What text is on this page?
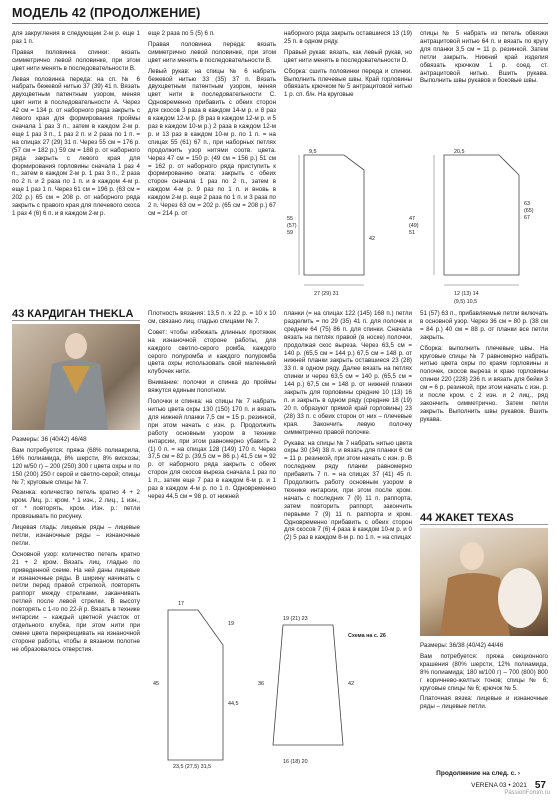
МОДЕЛЬ 42 (ПРОДОЛЖЕНИЕ)

для закругления в следующем 2-м р. еще 1 раз 1 п.

Правая половинка спинки: вязать симметрично левой половинке, при этом цвет нити менять в последовательности В.

Левая половинка переда: на сп. № 6 набрать бежевой нитью 37 (39) 41 п. Вязать двухцветным патентным узором, меняя цвет нити в последовательности A. Через 42 см = 134 р. от наборного ряда закрыть с левого края для формирования проймы сначала 1 раз 3 п., затем в каждом 2-м р. еще 1 раз 3 п., 1 раз 2 п. и 2 раза по 1 п. = на спицах 27 (29) 31 п. Через 55 см = 176 р. (57 см = 182 р.) 59 см = 188 р. от наборного ряда закрыть с левого края для формирования горловины сначала 1 раз 4 п., затем в каждом 2-м р. 1 раз 3 п., 2 раза по 2 п. и 2 раза по 1 п. и в каждом 4-м р. еще 1 раз 1 п. Через 61 см = 196 р. (63 см = 202 р.) 65 см = 208 р. от наборного ряда закрыть с правого края для плечевого скоса 1 раз 4 (6) 6 п. и в каждом 2-м р.

еще 2 раза по 5 (5) 6 п.

Правая половинка переда: вязать симметрично левой половинке, при этом цвет нити менять в последовательности В.

Левый рукав: на спицы № 6 набрать бежевой нитью 33 (35) 37 п. Вязать двухцветным патентным узором, меняя цвет нити в последовательности C. Одновременно прибавить с обеих сторон для скосов 3 раза в каждом 14-м р. и 8 раз в каждом 12-м р. (8 раз в каждом 12-м р. и 5 раз в каждом 10-м р.) 2 раза в каждом 12-м р. и 13 раз в каждом 10-м р. по 1 п. = на спицах 55 (61) 67 п., при наборных петлях продолжить узор нитями соотв. цвета. Через 47 см = 150 р. (49 см = 156 р.) 51 см = 162 р. от наборного ряда приступить к формированию оката: закрыть с обеих сторон сначала 1 раз по 2 п., затем в каждом 4-м р. 9 раз по 1 п. и вновь в каждом 2-м р. еще 2 раза по 1 п. и 3 раза по 2 п. Через 63 см = 202 р. (65 см = 208 р.) 67 см = 214 р. от

наборного ряда закрыть оставшиеся 13 (19) 25 п. в одном ряду.

Правый рукав: вязать, как левый рукав, но цвет нити менять в последовательности D.

Сборка: сшить половинки переда и спинки. Выполнить плечевые швы. Край горловины обвязать крючком № 5 антрацитовой нитью 1 р. сп. б/н. На круговые

спицы № 5 набрать из петель обвязки антрацитовой нитью 64 п. и вязать по кругу для планки 3,5 см = 11 р. резинкой. Затем петли закрыть. Нижний край изделия обвязать крючком 1 р. соед. ст. антрацитовой нитью. Вшить рукава. Выполнить швы рукавов и боковые швы.

9,5
55
(57)
59
42
47
(49)
51
63
(65)
67
27 (29) 31	12 (13) 14
(9,5) 10,5
20,5
43 КАРДИГАН THEKLA

Размеры: 36 (40/42) 46/48

Вам потребуется: пряжа (68% полиакрила, 16% полиамида, 8% шерсти, 8% вискозы; 120 м/50 г) – 200 (250) 300 г цвета охры и по 150 (200) 250 г серой и светло-серой; спицы № 7; круговые спицы № 7.

Резинка: количество петель кратно 4 + 2 кром. Лиц. р.: кром. * 1 изн., 2 лиц., 1 изн., от * повторять, кром. Изн. р.: петли провязывать по рисунку.

Лицевая гладь: лицевые ряды – лицевые петли, изнаночные ряды – изнаночные петли.

Основной узор: количество петель кратно 21 + 2 кром. Вязать лиц. гладью по приведенной схеме. На ней даны лицевые и изнаночные ряды. В ширину начинать с петли перед правой стрелкой, повторять раппорт между стрелками, заканчивать петлей после левой стрелки. В высоту повторять с 1-го по 22-й р. Вязать в технике интарсии – каждый цветной участок от отдельного клубка, при этом нити при смене цвета перекрещивать на изнаночной стороне работы, чтобы в вязаном полотне не образовалось отверстия.

Плотность вязания: 13,5 п. x 22 р. = 10 x 10 см, связано лиц. гладью спицами № 7.

Совет: чтобы избежать длинных протяжек на изнаночной стороне работы, для каждого светло-серого ромба, каждого серого полуромба и каждого полуромба цвета охры использовать свой маленький клубочек нити.

Внимание: полочки и спинка до проймы вяжутся единым полотном.

Полочки и спинка: на спицы № 7 набрать нитью цвета охры 130 (150) 170 п. и вязать для нижней планки 7,5 см = 15 р. резинкой, при этом начать с изн. р. Продолжить работу основным узором в технике интарсии, при этом равномерно убавить 2 (1) 0 п. = на спицах 128 (149) 170 п. Через 37,5 см = 82 р. (39,5 см = 86 р.) 41,5 см = 92 р. от наборного ряда закрыть с обеих сторон для скосов выреза сначала 1 раз по 1 п., затем еще 7 раз в каждом 6-м р. и 1 раз в каждом 4-м р. по 1 п. Одновременно через 44,5 см = 98 р. от нижней

планки (= на спицах 122 (145) 168 п.) петли разделить = по 29 (35) 41 п. для полочек и средние 64 (75) 86 п. для спинки. Сначала вязать на петлях правой (в носке) полочки, продолжая скос выреза. Через 63,5 см = 140 р. (65,5 см = 144 р.) 67,5 см = 148 р. от нижней планки закрыть оставшиеся 23 (28) 33 п. в одном ряду. Далее вязать на петлях спинки и через 63,5 см = 140 р. (65,5 см = 144 р.) 67,5 см = 148 р. от нижней планки закрыть для горловины средние 10 (13) 16 п. и закрыть в одном ряду (средние 18 (19) 20 п. образуют прямой край горловины) 23 (28) 33 п. с обеих сторон от них – плечевые края. Закончить левую полочку симметрично правой полочке.

Рукава: на спицы № 7 набрать нитью цвета охры 30 (34) 38 п. и вязать для планки 6 см = 11 р. резинкой, при этом начать с изн. р. В последнем ряду планки равномерно прибавить 7 п. = на спицах 37 (41) 45 п. Продолжить работу основным узором в технике интарсии, при этом после кром. начать с последних 7 (9) 11 п. раппорта, затем повторить раппорт, закончить первыми 7 (9) 11 п. раппорта и кром. Одновременно прибавить с обеих сторон для скосов 7 (6) 4 раза в каждом 10-м р. и 0 (2) 5 раз в каждом 8-м р. по 1 п. = на спицах

51 (57) 63 п., прибавляемые петли включать в основной узор. Через 36 см = 80 р. (38 см = 84 р.) 40 см = 88 р. от планки все петли закрыть.

Сборка: выполнить плечевые швы. На круговые спицы № 7 равномерно набрать нитью цвета охры по краям горловины и полочек, скосов выреза и краю горловины спинки 220 (228) 236 п. и вязать для бейки 3 см = 6 р. резинкой, при этом начать с изн. р. и после кром. с 2 изн. и 2 лиц., ряд закончить симметрично. Затем петли закрыть. Выполнить швы рукавов. Вшить рукава.

17
19
45
44,5
23,5 (27,5) 31,5
19 (21) 23
36	42
16 (18) 20
Схема на с. 26
44 ЖАКЕТ TEXAS

Размеры: 36/38 (40/42) 44/46

Вам потребуется: пряжа секционного крашения (80% шерсти, 12% полиамида, 8% полиамида; 180 м/100 г) – 700 (800) 800 г коричнево-желтых тонов; спицы № 6; круговые спицы № 6; крючок № 5.

Платочная вязка: лицевые и изнаночные ряды – лицевые петли.

Продолжение на след. с. ›
VERENA 03 • 2021 57
PassionForum.ru
